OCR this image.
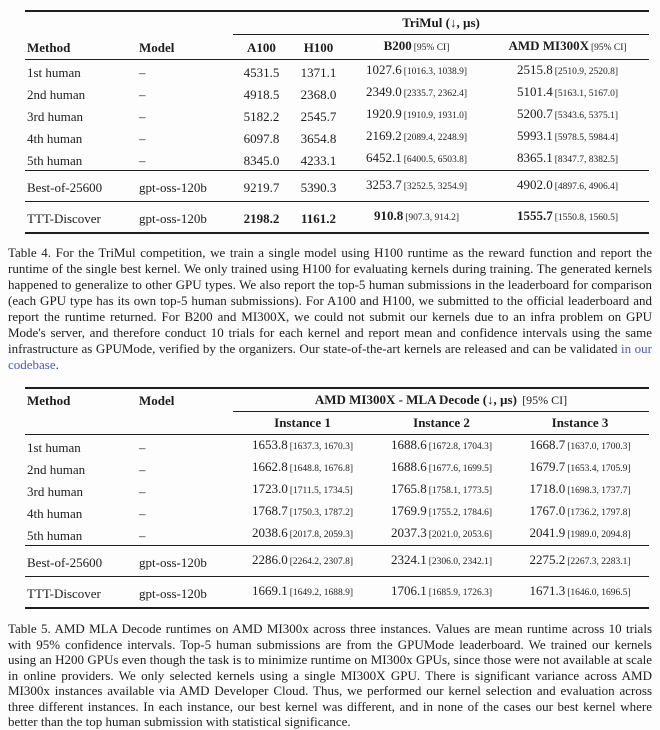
		TriMul (↓, µs)			
Method	Model	A100	H100	B200 [95% CI]	AMD MI300X [95% CI]
1st human	–	4531.5	1371.1	1027.6 [1016.3, 1038.9]	2515.8 [2510.9, 2520.8]
2nd human	–	4918.5	2368.0	2349.0 [2335.7, 2362.4]	5101.4 [5163.1, 5167.0]
3rd human	–	5182.2	2545.7	1920.9 [1910.9, 1931.0]	5200.7 [5343.6, 5375.1]
4th human	–	6097.8	3654.8	2169.2 [2089.4, 2248.9]	5993.1 [5978.5, 5984.4]
5th human	–	8345.0	4233.1	6452.1 [6400.5, 6503.8]	8365.1 [8347.7, 8382.5]
Best-of-25600	gpt-oss-120b	9219.7	5390.3	3253.7 [3252.5, 3254.9]	4902.0 [4897.6, 4906.4]
TTT-Discover	gpt-oss-120b	2198.2	1161.2	910.8 [907.3, 914.2]	1555.7 [1550.8, 1560.5]

Table 4. For the TriMul competition, we train a single model using H100 runtime as the reward function and report the runtime of the single best kernel. We only trained using H100 for evaluating kernels during training. The generated kernels happened to generalize to other GPU types. We also report the top-5 human submissions in the leaderboard for comparison (each GPU type has its own top-5 human submissions). For A100 and H100, we submitted to the official leaderboard and report the runtime returned. For B200 and MI300X, we could not submit our kernels due to an infra problem on GPU Mode's server, and therefore conduct 10 trials for each kernel and report mean and confidence intervals using the same infrastructure as GPUMode, verified by the organizers. Our state-of-the-art kernels are released and can be validated in our codebase.

Method	Model	AMD MI300X - MLA Decode (↓, µs) [95% CI]		
		Instance 1	Instance 2	Instance 3
1st human	–	1653.8 [1637.3, 1670.3]	1688.6 [1672.8, 1704.3]	1668.7 [1637.0, 1700.3]
2nd human	–	1662.8 [1648.8, 1676.8]	1688.6 [1677.6, 1699.5]	1679.7 [1653.4, 1705.9]
3rd human	–	1723.0 [1711.5, 1734.5]	1765.8 [1758.1, 1773.5]	1718.0 [1698.3, 1737.7]
4th human	–	1768.7 [1750.3, 1787.2]	1769.9 [1755.2, 1784.6]	1767.0 [1736.2, 1797.8]
5th human	–	2038.6 [2017.8, 2059.3]	2037.3 [2021.0, 2053.6]	2041.9 [1989.0, 2094.8]
Best-of-25600	gpt-oss-120b	2286.0 [2264.2, 2307.8]	2324.1 [2306.0, 2342.1]	2275.2 [2267.3, 2283.1]
TTT-Discover	gpt-oss-120b	1669.1 [1649.2, 1688.9]	1706.1 [1685.9, 1726.3]	1671.3 [1646.0, 1696.5]

Table 5. AMD MLA Decode runtimes on AMD MI300x across three instances. Values are mean runtime across 10 trials with 95% confidence intervals. Top-5 human submissions are from the GPUMode leaderboard. We trained our kernels using an H200 GPUs even though the task is to minimize runtime on MI300x GPUs, since those were not available at scale in online providers. We only selected kernels using a single MI300X GPU. There is significant variance across AMD MI300x instances available via AMD Developer Cloud. Thus, we performed our kernel selection and evaluation across three different instances. In each instance, our best kernel was different, and in none of the cases our best kernel where better than the top human submission with statistical significance.
